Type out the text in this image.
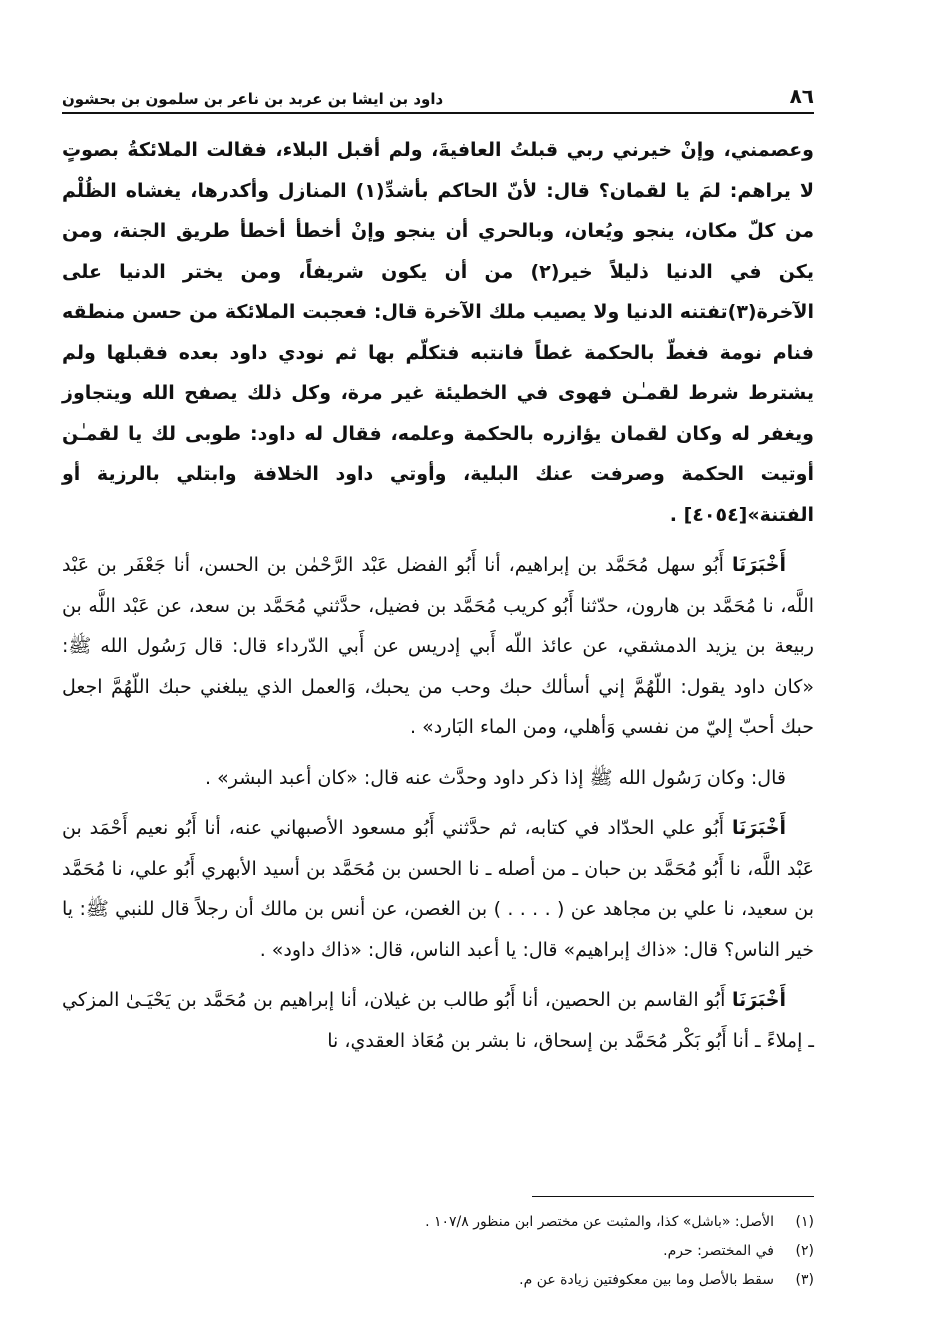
٨٦
داود بن ايشا بن عربد بن ناعر بن سلمون بن بحشون

وعصمني، وإنْ خيرني ربي قبلتُ العافيةَ، ولم أقبل البلاء، فقالت الملائكةُ بصوتٍ لا يراهم: لمَ يا لقمان؟ قال: لأنّ الحاكم بأشدِّ(١) المنازل وأكدرها، يغشاه الظُلْم من كلّ مكان، ينجو ويُعان، وبالحري أن ينجو وإنْ أخطأ أخطأ طريق الجنة، ومن يكن في الدنيا ذليلاً خير(٢) من أن يكون شريفاً، ومن يختر الدنيا على الآخرة(٣)تفتنه الدنيا ولا يصيب ملك الآخرة قال: فعجبت الملائكة من حسن منطقه فنام نومة فغطّ بالحكمة غطاً فانتبه فتكلّم بها ثم نودي داود بعده فقبلها ولم يشترط شرط لقمـٰن فهوى في الخطيئة غير مرة، وكل ذلك يصفح الله ويتجاوز ويغفر له وكان لقمان يؤازره بالحكمة وعلمه، فقال له داود: طوبى لك يا لقمـٰن أوتيت الحكمة وصرفت عنك البلية، وأوتي داود الخلافة وابتلي بالرزية أو الفتنة»[٤٠٥٤] .

أَخْبَرَنَا أَبُو سهل مُحَمَّد بن إبراهيم، أنا أَبُو الفضل عَبْد الرَّحْمٰن بن الحسن، أنا جَعْفَر بن عَبْد اللَّه، نا مُحَمَّد بن هارون، حدّثنا أَبُو كريب مُحَمَّد بن فضيل، حدَّثني مُحَمَّد بن سعد، عن عَبْد اللَّه بن ربيعة بن يزيد الدمشقي، عن عائذ اللّه أَبي إدريس عن أَبي الدّرداء قال: قال رَسُول الله ﷺ: «كان داود يقول: اللّهُمَّ إني أسألك حبك وحب من يحبك، وَالعمل الذي يبلغني حبك اللّهُمَّ اجعل حبك أحبّ إليّ من نفسي وَأهلي، ومن الماء البَارد» .

قال: وكان رَسُول الله ﷺ إذا ذكر داود وحدَّث عنه قال: «كان أعبد البشر» .

أَخْبَرَنَا أَبُو علي الحدّاد في كتابه، ثم حدَّثني أَبُو مسعود الأصبهاني عنه، أنا أَبُو نعيم أَحْمَد بن عَبْد اللَّه، نا أَبُو مُحَمَّد بن حبان ـ من أصله ـ نا الحسن بن مُحَمَّد بن أسيد الأبهري أَبُو علي، نا مُحَمَّد بن سعيد، نا علي بن مجاهد عن ( . . . . ) بن الغصن، عن أنس بن مالك أن رجلاً قال للنبي ﷺ: يا خير الناس؟ قال: «ذاك إبراهيم» قال: يا أعبد الناس، قال: «ذاك داود» .

أَخْبَرَنَا أَبُو القاسم بن الحصين، أنا أَبُو طالب بن غيلان، أنا إبراهيم بن مُحَمَّد بن يَحْيَـىٰ المزكي ـ إملاءً ـ أنا أَبُو بَكْر مُحَمَّد بن إسحاق، نا بشر بن مُعَاذ العقدي، نا

(١)
الأصل: «باشل» كذا، والمثبت عن مختصر ابن منظور ١٠٧/٨ .
(٢)
في المختصر: حرم.
(٣)
سقط بالأصل وما بين معكوفتين زيادة عن م.
